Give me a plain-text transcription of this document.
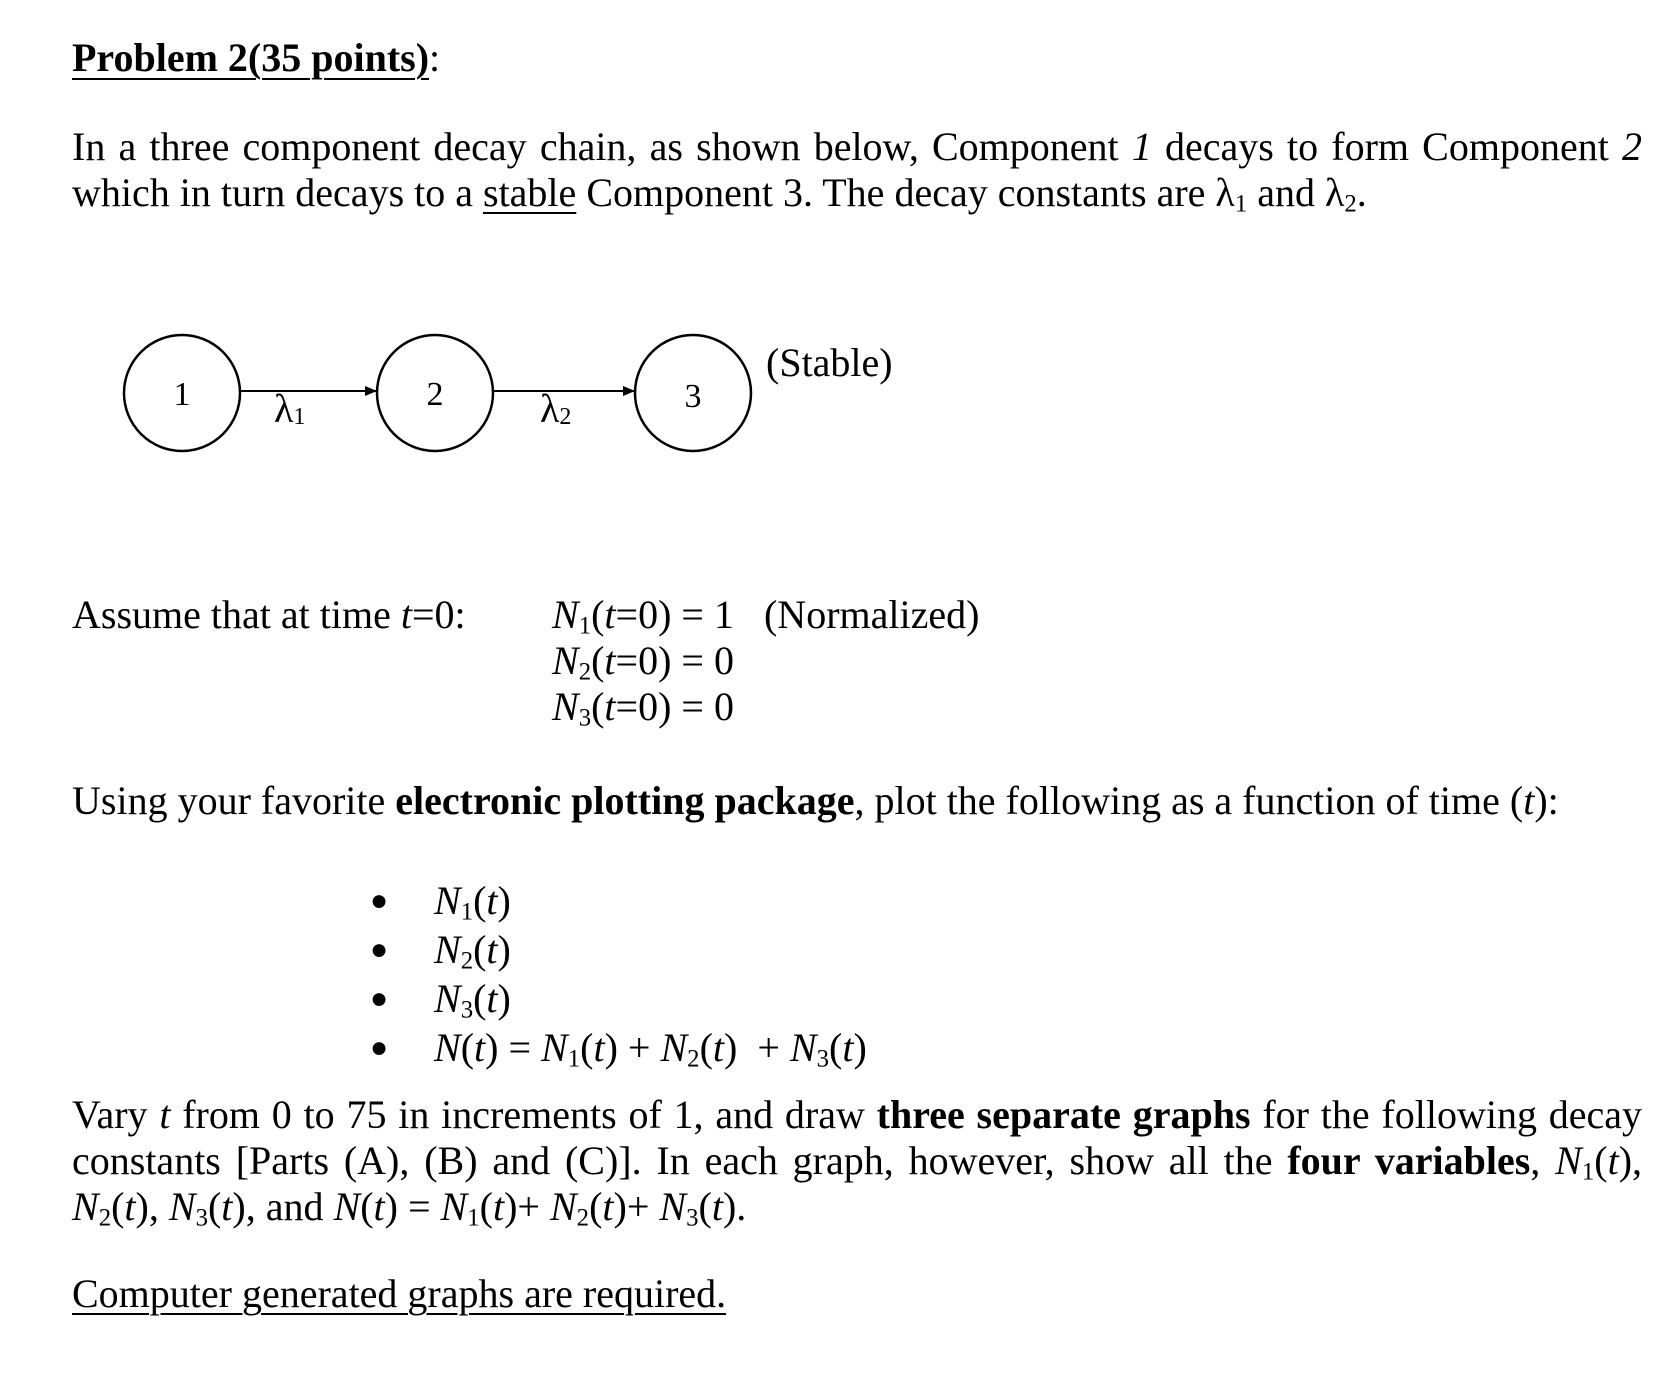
Problem 2(35 points):
In a three component decay chain, as shown below, Component 1 decays to form Component 2 which in turn decays to a stable Component 3. The decay constants are $\lambda_1$ and $\lambda_2$.
1	2	3
λ1	λ2
(Stable)
Assume that at time t=0: $N_1(t=0) = 1$ (Normalized)
$N_2(t=0) = 0$
$N_3(t=0) = 0$
Using your favorite electronic plotting package, plot the following as a function of time (t):
● $N_1(t)$
● $N_2(t)$
● $N_3(t)$
● $N(t) = N_1(t) + N_2(t) + N_3(t)$
Vary t from 0 to 75 in increments of 1, and draw three separate graphs for the following decay constants [Parts (A), (B) and (C)]. In each graph, however, show all the four variables, $N_1(t)$, $N_2(t)$, $N_3(t)$, and $N(t) = N_1(t)+ N_2(t)+ N_3(t)$.
Computer generated graphs are required.
